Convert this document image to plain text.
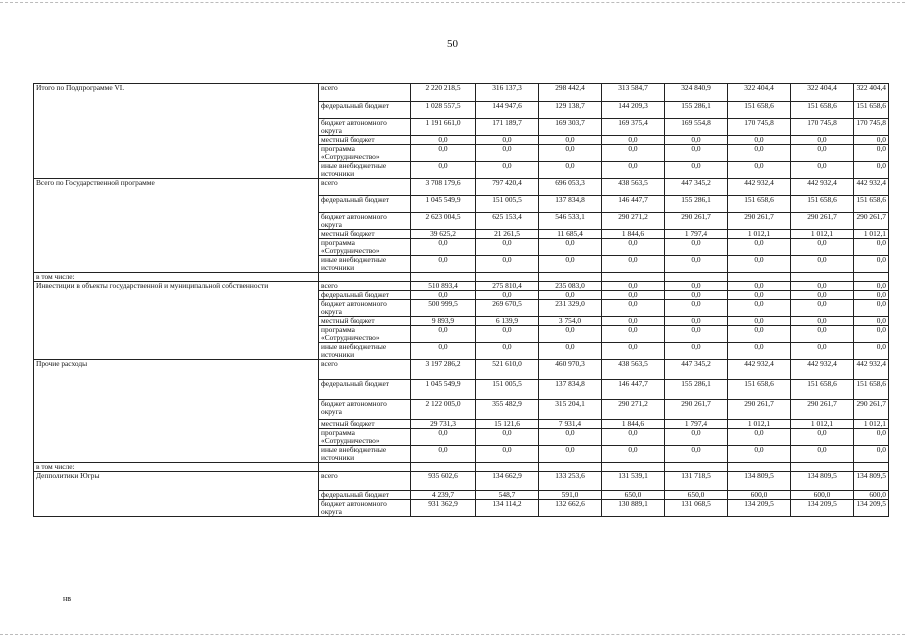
50
Итого по Подпрограмме VI.	всего	2 220 218,5	316 137,3	298 442,4	313 584,7	324 840,9	322 404,4	322 404,4	322 404,4
	федеральный бюджет	1 028 557,5	144 947,6	129 138,7	144 209,3	155 286,1	151 658,6	151 658,6	151 658,6
	бюджет автономного округа	1 191 661,0	171 189,7	169 303,7	169 375,4	169 554,8	170 745,8	170 745,8	170 745,8
	местный бюджет	0,0	0,0	0,0	0,0	0,0	0,0	0,0	0,0
	программа «Сотрудничество»	0,0	0,0	0,0	0,0	0,0	0,0	0,0	0,0
	иные внебюджетные источники	0,0	0,0	0,0	0,0	0,0	0,0	0,0	0,0
Всего по Государственной программе	всего	3 708 179,6	797 420,4	696 053,3	438 563,5	447 345,2	442 932,4	442 932,4	442 932,4
	федеральный бюджет	1 045 549,9	151 005,5	137 834,8	146 447,7	155 286,1	151 658,6	151 658,6	151 658,6
	бюджет автономного округа	2 623 004,5	625 153,4	546 533,1	290 271,2	290 261,7	290 261,7	290 261,7	290 261,7
	местный бюджет	39 625,2	21 261,5	11 685,4	1 844,6	1 797,4	1 012,1	1 012,1	1 012,1
	программа «Сотрудничество»	0,0	0,0	0,0	0,0	0,0	0,0	0,0	0,0
	иные внебюджетные источники	0,0	0,0	0,0	0,0	0,0	0,0	0,0	0,0
в том числе:									
Инвестиции в объекты государственной и муниципальной собственности	всего	510 893,4	275 810,4	235 083,0	0,0	0,0	0,0	0,0	0,0
	федеральный бюджет	0,0	0,0	0,0	0,0	0,0	0,0	0,0	0,0
	бюджет автономного округа	500 999,5	269 670,5	231 329,0	0,0	0,0	0,0	0,0	0,0
	местный бюджет	9 893,9	6 139,9	3 754,0	0,0	0,0	0,0	0,0	0,0
	программа «Сотрудничество»	0,0	0,0	0,0	0,0	0,0	0,0	0,0	0,0
	иные внебюджетные источники	0,0	0,0	0,0	0,0	0,0	0,0	0,0	0,0
Прочие расходы	всего	3 197 286,2	521 610,0	460 970,3	438 563,5	447 345,2	442 932,4	442 932,4	442 932,4
	федеральный бюджет	1 045 549,9	151 005,5	137 834,8	146 447,7	155 286,1	151 658,6	151 658,6	151 658,6
	бюджет автономного округа	2 122 005,0	355 482,9	315 204,1	290 271,2	290 261,7	290 261,7	290 261,7	290 261,7
	местный бюджет	29 731,3	15 121,6	7 931,4	1 844,6	1 797,4	1 012,1	1 012,1	1 012,1
	программа «Сотрудничество»	0,0	0,0	0,0	0,0	0,0	0,0	0,0	0,0
	иные внебюджетные источники	0,0	0,0	0,0	0,0	0,0	0,0	0,0	0,0
в том числе:									
Депполитики Югры	всего	935 602,6	134 662,9	133 253,6	131 539,1	131 718,5	134 809,5	134 809,5	134 809,5
	федеральный бюджет	4 239,7	548,7	591,0	650,0	650,0	600,0	600,0	600,0
	бюджет автономного округа	931 362,9	134 114,2	132 662,6	130 889,1	131 068,5	134 209,5	134 209,5	134 209,5
нв
